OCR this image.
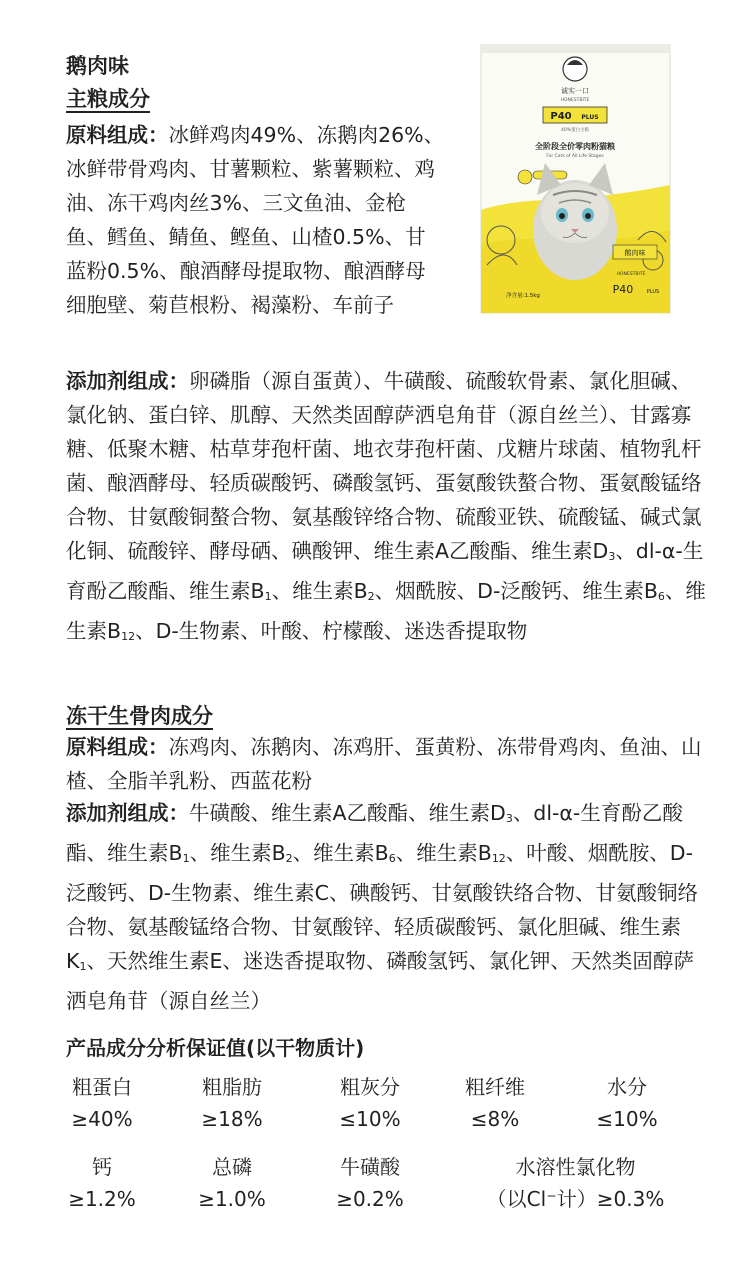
鹅肉味
主粮成分
原料组成：冰鲜鸡肉49%、冻鹅肉26%、冰鲜带骨鸡肉、甘薯颗粒、紫薯颗粒、鸡油、冻干鸡肉丝3%、三文鱼油、金枪鱼、鳕鱼、鲭鱼、鲣鱼、山楂0.5%、甘蓝粉0.5%、酿酒酵母提取物、酿酒酵母细胞壁、菊苣根粉、褐藻粉、车前子
添加剂组成：卵磷脂（源自蛋黄）、牛磺酸、硫酸软骨素、氯化胆碱、氯化钠、蛋白锌、肌醇、天然类固醇萨洒皂角苷（源自丝兰）、甘露寡糖、低聚木糖、枯草芽孢杆菌、地衣芽孢杆菌、戊糖片球菌、植物乳杆菌、酿酒酵母、轻质碳酸钙、磷酸氢钙、蛋氨酸铁螯合物、蛋氨酸锰络合物、甘氨酸铜螯合物、氨基酸锌络合物、硫酸亚铁、硫酸锰、碱式氯化铜、硫酸锌、酵母硒、碘酸钾、维生素A乙酸酯、维生素$D_3$、dl-α-生育酚乙酸酯、维生素$B_1$、维生素$B_2$、烟酰胺、D-泛酸钙、维生素$B_6$、维生素$B_{12}$、D-生物素、叶酸、柠檬酸、迷迭香提取物
冻干生骨肉成分
原料组成：冻鸡肉、冻鹅肉、冻鸡肝、蛋黄粉、冻带骨鸡肉、鱼油、山楂、全脂羊乳粉、西蓝花粉
添加剂组成：牛磺酸、维生素A乙酸酯、维生素$D_3$、dl-α-生育酚乙酸酯、维生素$B_1$、维生素$B_2$、维生素$B_6$、维生素$B_{12}$、叶酸、烟酰胺、D-泛酸钙、D-生物素、维生素C、碘酸钙、甘氨酸铁络合物、甘氨酸铜络合物、氨基酸锰络合物、甘氨酸锌、轻质碳酸钙、氯化胆碱、维生素$K_1$、天然维生素E、迷迭香提取物、磷酸氢钙、氯化钾、天然类固醇萨洒皂角苷（源自丝兰）
产品成分分析保证值(以干物质计)
粗蛋白
≥40%
粗脂肪
≥18%
粗灰分
≤10%
粗纤维
≤8%
水分
≤10%
钙
≥1.2%
总磷
≥1.0%
牛磺酸
≥0.2%
水溶性氯化物
（以Cl⁻计）≥0.3%
诚实一口
HONESTBITE
P40 PLUS
40%蛋白主粮
全阶段全价零肉粉猫粮
For Cats of All Life Stages
鹅肉味
HONESTBITE
P40	PLUS
净含量:1.5kg
